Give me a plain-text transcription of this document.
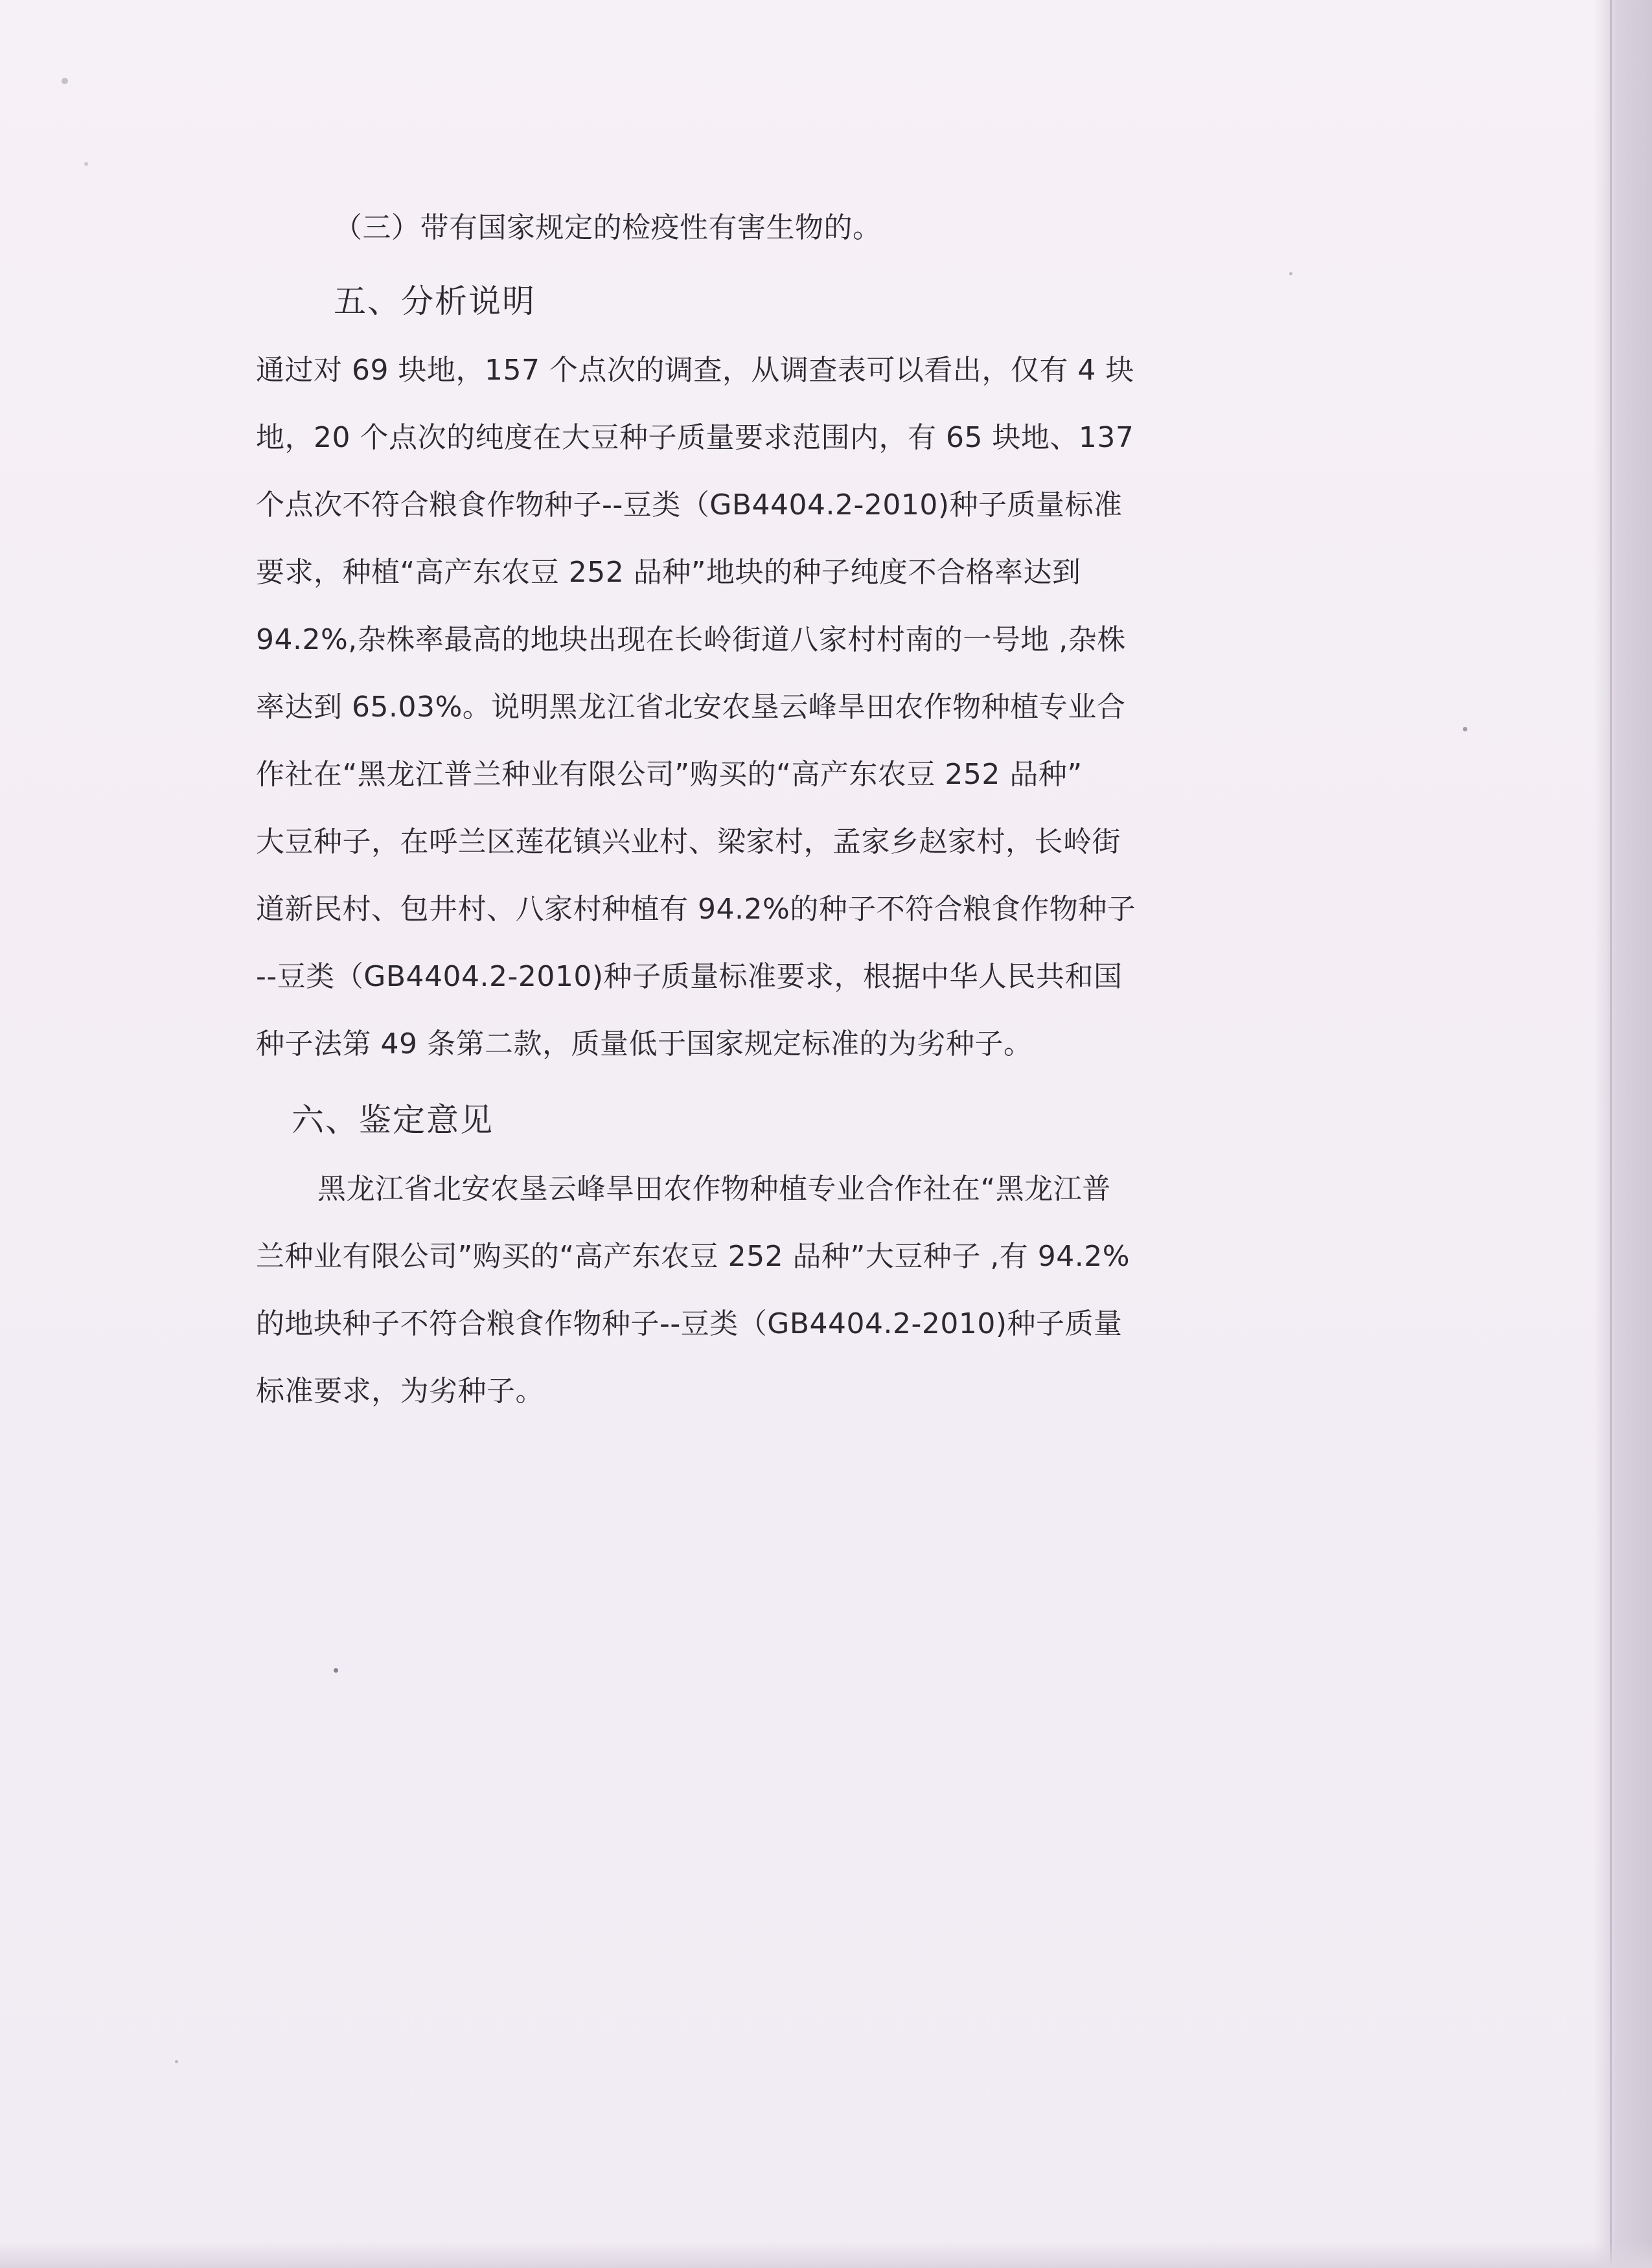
（三）带有国家规定的检疫性有害生物的。
五、分析说明
通过对 69 块地，157 个点次的调查，从调查表可以看出，仅有 4 块
地，20 个点次的纯度在大豆种子质量要求范围内，有 65 块地、137
个点次不符合粮食作物种子--豆类（GB4404.2-2010)种子质量标准
要求，种植“高产东农豆 252 品种”地块的种子纯度不合格率达到
94.2%,杂株率最高的地块出现在长岭街道八家村村南的一号地 ,杂株
率达到 65.03%。说明黑龙江省北安农垦云峰旱田农作物种植专业合
作社在“黑龙江普兰种业有限公司”购买的“高产东农豆 252 品种”
大豆种子，在呼兰区莲花镇兴业村、梁家村，孟家乡赵家村，长岭街
道新民村、包井村、八家村种植有 94.2%的种子不符合粮食作物种子
--豆类（GB4404.2-2010)种子质量标准要求，根据中华人民共和国
种子法第 49 条第二款，质量低于国家规定标准的为劣种子。
六、鉴定意见
黑龙江省北安农垦云峰旱田农作物种植专业合作社在“黑龙江普
兰种业有限公司”购买的“高产东农豆 252 品种”大豆种子 ,有 94.2%
的地块种子不符合粮食作物种子--豆类（GB4404.2-2010)种子质量
标准要求，为劣种子。
